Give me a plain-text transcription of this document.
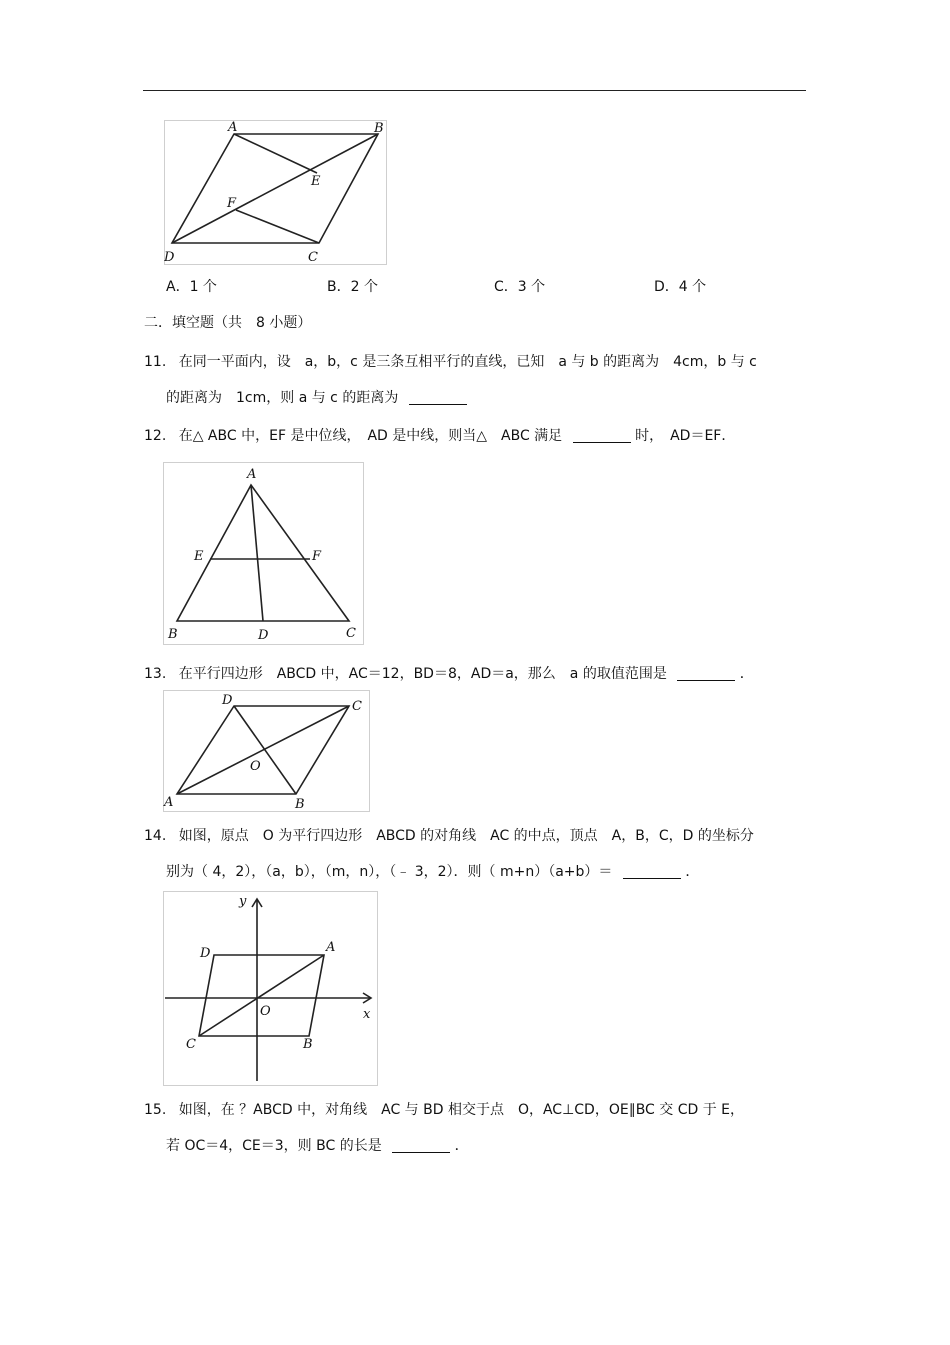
A	B
E
F
D	C
A．1 个	B．2 个	C．3 个	D．4 个
二．填空题（共　8 小题）
11. 在同一平面内，设　a，b，c 是三条互相平行的直线，已知　a 与 b 的距离为　4cm，b 与 c
的距离为　1cm，则 a 与 c 的距离为
12. 在△ ABC 中，EF 是中位线，　AD 是中线，则当△　ABC 满足	时，　AD＝EF．
A
E	F
B	D	C
13. 在平行四边形　ABCD 中，AC＝12，BD＝8，AD＝a，那么　a 的取值范围是	．
D	C
O
A	B
14. 如图，原点　O 为平行四边形　ABCD 的对角线　AC 的中点，顶点　A，B，C，D 的坐标分
别为（ 4，2），（a，b），（m，n），（﹣ 3，2）．则（ m+n）（a+b）＝	．
y
D	A
O	x
C	B
15. 如图，在 ？ABCD 中，对角线　AC 与 BD 相交于点　O，AC⊥CD，OE∥BC 交 CD 于 E，
若 OC＝4，CE＝3，则 BC 的长是	．
